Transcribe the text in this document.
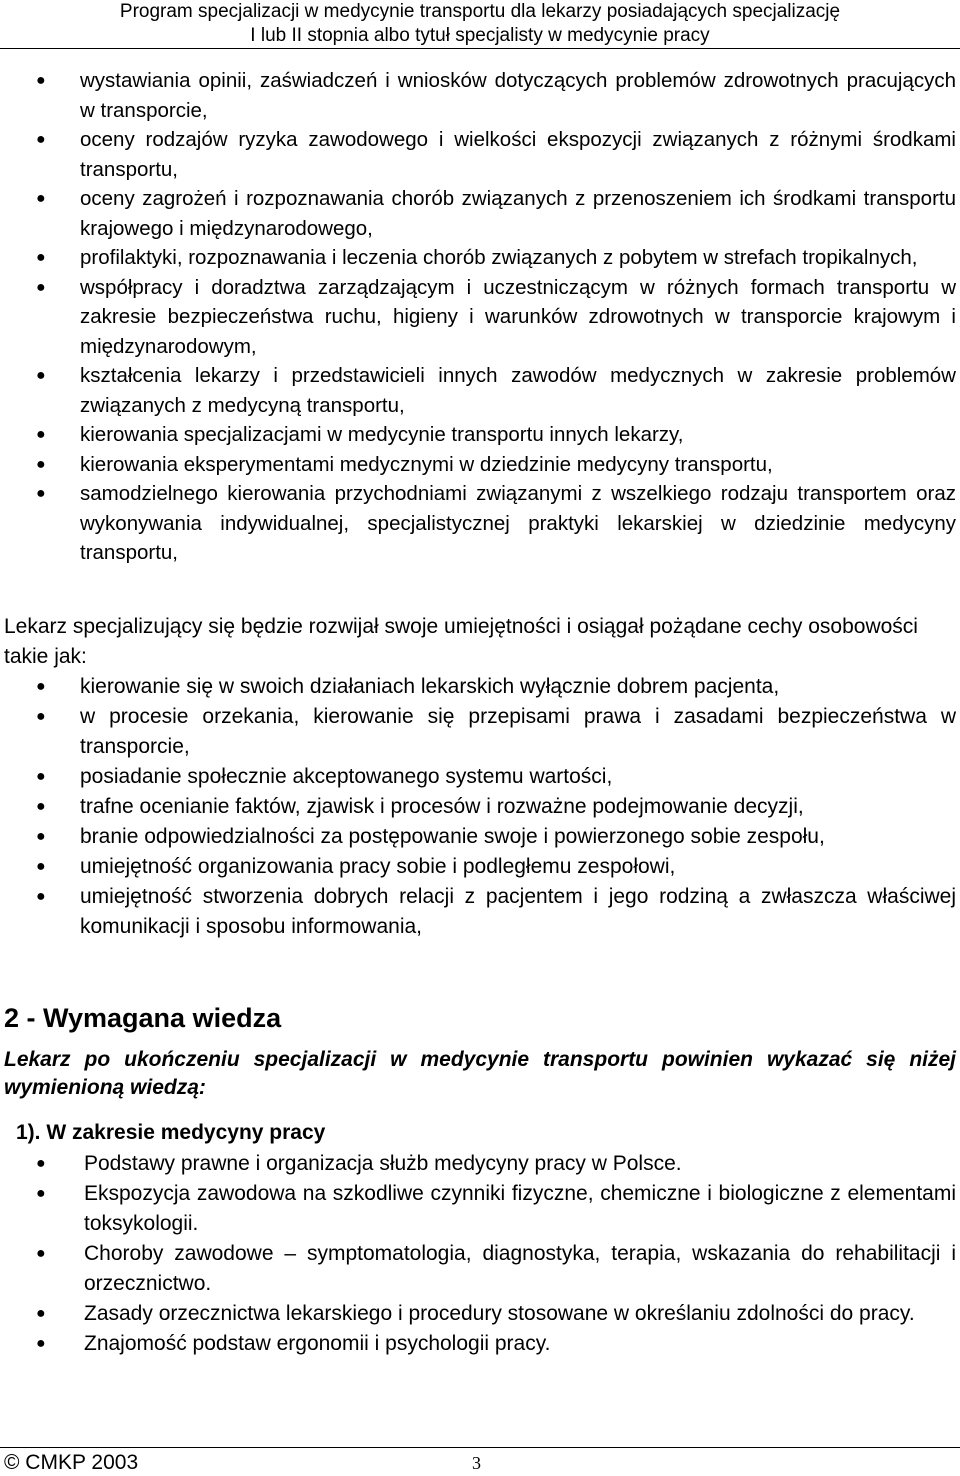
Program specjalizacji w medycynie transportu dla lekarzy posiadających specjalizację
I lub II stopnia albo tytuł specjalisty w medycynie pracy
● wystawiania opinii, zaświadczeń i wniosków dotyczących problemów zdrowotnych pracujących w transporcie,
● oceny rodzajów ryzyka zawodowego i wielkości ekspozycji związanych z różnymi środkami transportu,
● oceny zagrożeń i rozpoznawania chorób związanych z przenoszeniem ich środkami transportu krajowego i międzynarodowego,
● profilaktyki, rozpoznawania i leczenia chorób związanych z pobytem w strefach tropikalnych,
● współpracy i doradztwa zarządzającym i uczestniczącym w różnych formach transportu w zakresie bezpieczeństwa ruchu, higieny i warunków zdrowotnych w transporcie krajowym i międzynarodowym,
● kształcenia lekarzy i przedstawicieli innych zawodów medycznych w zakresie problemów związanych z medycyną transportu,
● kierowania specjalizacjami w medycynie transportu innych lekarzy,
● kierowania eksperymentami medycznymi w dziedzinie medycyny transportu,
● samodzielnego kierowania przychodniami związanymi z wszelkiego rodzaju transportem oraz wykonywania indywidualnej, specjalistycznej praktyki lekarskiej w dziedzinie medycyny transportu,
Lekarz specjalizujący się będzie rozwijał swoje umiejętności i osiągał pożądane cechy osobowości takie jak:
● kierowanie się w swoich działaniach lekarskich wyłącznie dobrem pacjenta,
● w procesie orzekania, kierowanie się przepisami prawa i zasadami bezpieczeństwa w transporcie,
● posiadanie społecznie akceptowanego systemu wartości,
● trafne ocenianie faktów, zjawisk i procesów i rozważne podejmowanie decyzji,
● branie odpowiedzialności za postępowanie swoje i powierzonego sobie zespołu,
● umiejętność organizowania pracy sobie i podległemu zespołowi,
● umiejętność stworzenia dobrych relacji z pacjentem i jego rodziną a zwłaszcza właściwej komunikacji i sposobu informowania,
2 - Wymagana wiedza
Lekarz po ukończeniu specjalizacji w medycynie transportu powinien wykazać się niżej wymienioną wiedzą:
1). W zakresie medycyny pracy
● Podstawy prawne i organizacja służb medycyny pracy w Polsce.
● Ekspozycja zawodowa na szkodliwe czynniki fizyczne, chemiczne i biologiczne z elementami toksykologii.
● Choroby zawodowe – symptomatologia, diagnostyka, terapia, wskazania do rehabilitacji i orzecznictwo.
● Zasady orzecznictwa lekarskiego i procedury stosowane w określaniu zdolności do pracy.
● Znajomość podstaw ergonomii i psychologii pracy.
© CMKP 2003	3
